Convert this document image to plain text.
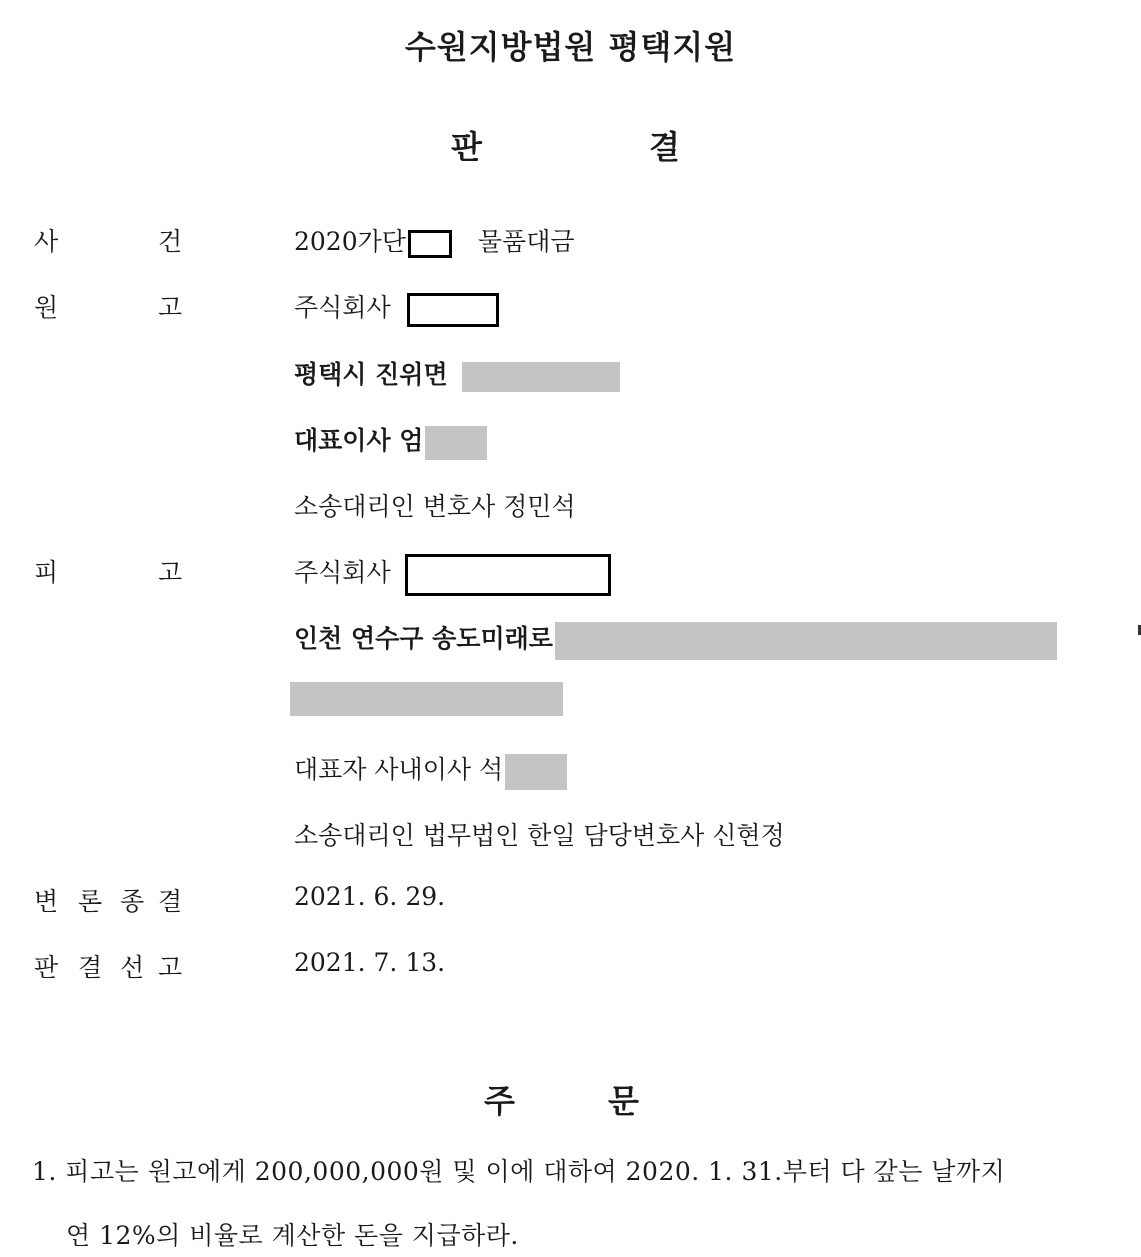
수원지방법원 평택지원
판	결
사	건	2020가단	물품대금
원	고	주식회사
평택시 진위면
대표이사 엄
소송대리인 변호사 정민석
피	고	주식회사
인천 연수구 송도미래로
대표자 사내이사 석
소송대리인 법무법인 한일 담당변호사 신현정
변 론 종 결	2021. 6. 29.
판 결 선 고	2021. 7. 13.
주	문
1. 피고는 원고에게 200,000,000원 및 이에 대하여 2020. 1. 31.부터 다 갚는 날까지
연 12%의 비율로 계산한 돈을 지급하라.
